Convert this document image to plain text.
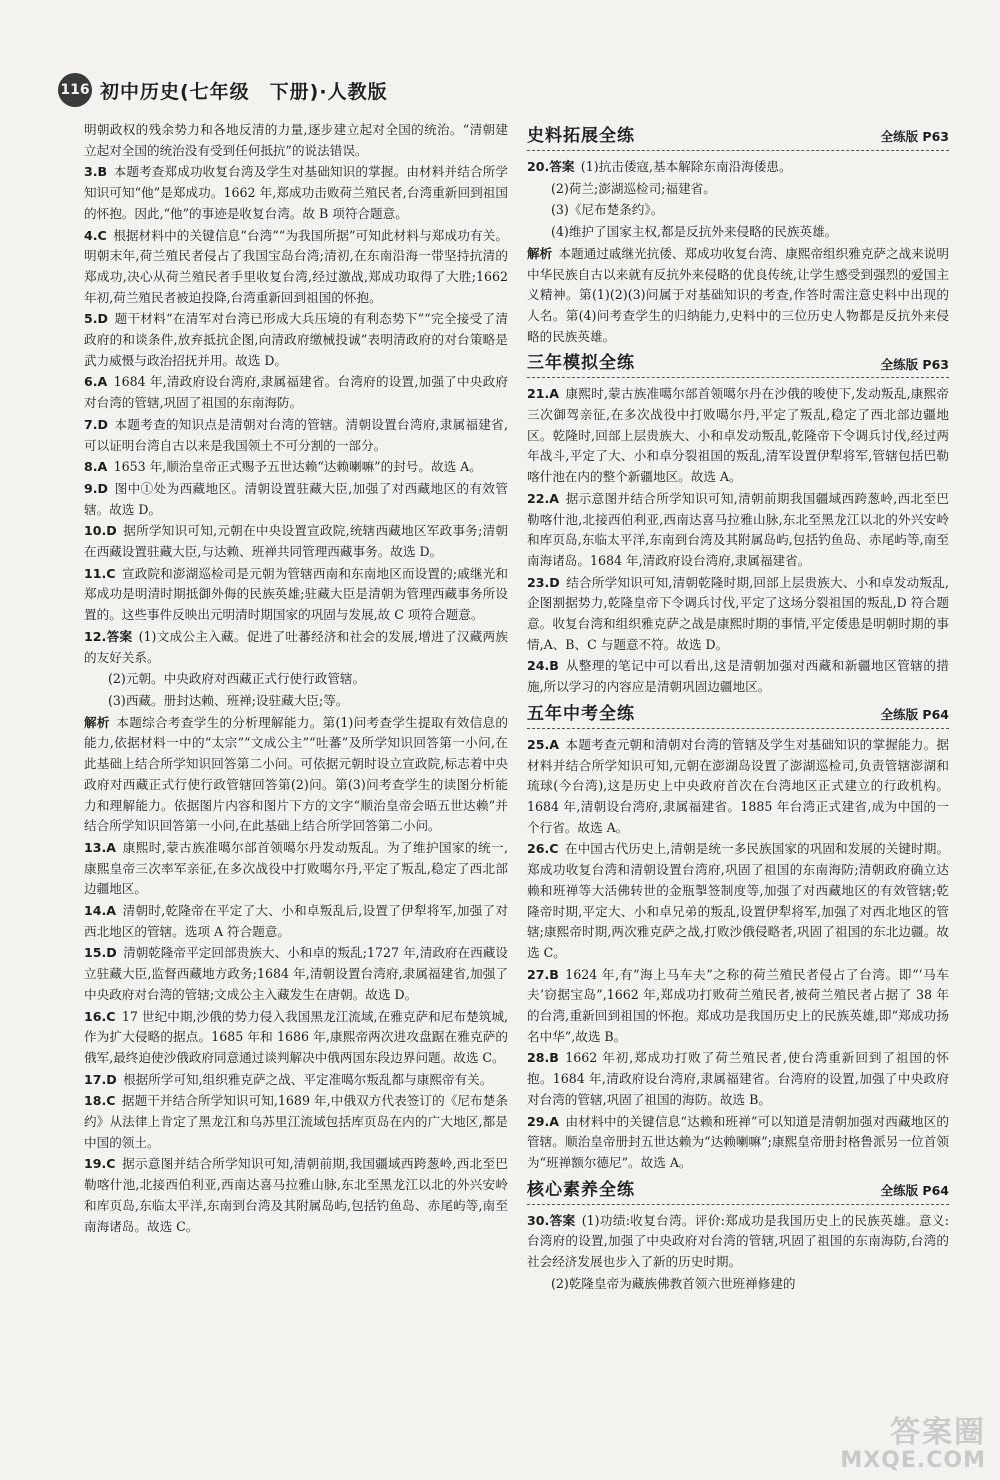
116 初中历史(七年级　下册)·人教版
明朝政权的残余势力和各地反清的力量,逐步建立起对全国的统治。“清朝建立起对全国的统治没有受到任何抵抗”的说法错误。
3.B  本题考查郑成功收复台湾及学生对基础知识的掌握。由材料并结合所学知识可知“他”是郑成功。1662 年,郑成功击败荷兰殖民者,台湾重新回到祖国的怀抱。因此,“他”的事迹是收复台湾。故 B 项符合题意。
4.C  根据材料中的关键信息“台湾”“为我国所据”可知此材料与郑成功有关。明朝末年,荷兰殖民者侵占了我国宝岛台湾;清初,在东南沿海一带坚持抗清的郑成功,决心从荷兰殖民者手里收复台湾,经过激战,郑成功取得了大胜;1662 年初,荷兰殖民者被迫投降,台湾重新回到祖国的怀抱。
5.D  题干材料“在清军对台湾已形成大兵压境的有利态势下”“完全接受了清政府的和谈条件,放弃抵抗企图,向清政府缴械投诚”表明清政府的对台策略是武力威慑与政治招抚并用。故选 D。
6.A  1684 年,清政府设台湾府,隶属福建省。台湾府的设置,加强了中央政府对台湾的管辖,巩固了祖国的东南海防。
7.D  本题考查的知识点是清朝对台湾的管辖。清朝设置台湾府,隶属福建省,可以证明台湾自古以来是我国领土不可分割的一部分。
8.A  1653 年,顺治皇帝正式赐予五世达赖“达赖喇嘛”的封号。故选 A。
9.D  图中①处为西藏地区。清朝设置驻藏大臣,加强了对西藏地区的有效管辖。故选 D。
10.D  据所学知识可知,元朝在中央设置宣政院,统辖西藏地区军政事务;清朝在西藏设置驻藏大臣,与达赖、班禅共同管理西藏事务。故选 D。
11.C  宣政院和澎湖巡检司是元朝为管辖西南和东南地区而设置的;戚继光和郑成功是明清时期抵御外侮的民族英雄;驻藏大臣是清朝为管理西藏事务所设置的。这些事件反映出元明清时期国家的巩固与发展,故 C 项符合题意。
12.答案  (1)文成公主入藏。促进了吐蕃经济和社会的发展,增进了汉藏两族的友好关系。
(2)元朝。中央政府对西藏正式行使行政管辖。
(3)西藏。册封达赖、班禅;设驻藏大臣;等。
解析  本题综合考查学生的分析理解能力。第(1)问考查学生提取有效信息的能力,依据材料一中的“太宗”“文成公主”“吐蕃”及所学知识回答第一小问,在此基础上结合所学知识回答第二小问。可依据元朝时设立宣政院,标志着中央政府对西藏正式行使行政管辖回答第(2)问。第(3)问考查学生的读图分析能力和理解能力。依据图片内容和图片下方的文字“顺治皇帝会晤五世达赖”并结合所学知识回答第一小问,在此基础上结合所学回答第二小问。
13.A  康熙时,蒙古族准噶尔部首领噶尔丹发动叛乱。为了维护国家的统一,康熙皇帝三次率军亲征,在多次战役中打败噶尔丹,平定了叛乱,稳定了西北部边疆地区。
14.A  清朝时,乾隆帝在平定了大、小和卓叛乱后,设置了伊犁将军,加强了对西北地区的管辖。选项 A 符合题意。
15.D  清朝乾隆帝平定回部贵族大、小和卓的叛乱;1727 年,清政府在西藏设立驻藏大臣,监督西藏地方政务;1684 年,清朝设置台湾府,隶属福建省,加强了中央政府对台湾的管辖;文成公主入藏发生在唐朝。故选 D。
16.C  17 世纪中期,沙俄的势力侵入我国黑龙江流域,在雅克萨和尼布楚筑城,作为扩大侵略的据点。1685 年和 1686 年,康熙帝两次进攻盘踞在雅克萨的俄军,最终迫使沙俄政府同意通过谈判解决中俄两国东段边界问题。故选 C。
17.D  根据所学可知,组织雅克萨之战、平定准噶尔叛乱都与康熙帝有关。
18.C  据题干并结合所学知识可知,1689 年,中俄双方代表签订的《尼布楚条约》从法律上肯定了黑龙江和乌苏里江流域包括库页岛在内的广大地区,都是中国的领土。
19.C  据示意图并结合所学知识可知,清朝前期,我国疆域西跨葱岭,西北至巴勒喀什池,北接西伯利亚,西南达喜马拉雅山脉,东北至黑龙江以北的外兴安岭和库页岛,东临太平洋,东南到台湾及其附属岛屿,包括钓鱼岛、赤尾屿等,南至南海诸岛。故选 C。
史料拓展全练	全练版 P63
20.答案  (1)抗击倭寇,基本解除东南沿海倭患。
(2)荷兰;澎湖巡检司;福建省。
(3)《尼布楚条约》。
(4)维护了国家主权,都是反抗外来侵略的民族英雄。
解析  本题通过戚继光抗倭、郑成功收复台湾、康熙帝组织雅克萨之战来说明中华民族自古以来就有反抗外来侵略的优良传统,让学生感受到强烈的爱国主义精神。第(1)(2)(3)问属于对基础知识的考查,作答时需注意史料中出现的人名。第(4)问考查学生的归纳能力,史料中的三位历史人物都是反抗外来侵略的民族英雄。
三年模拟全练	全练版 P63
21.A  康熙时,蒙古族准噶尔部首领噶尔丹在沙俄的唆使下,发动叛乱,康熙帝三次御驾亲征,在多次战役中打败噶尔丹,平定了叛乱,稳定了西北部边疆地区。乾隆时,回部上层贵族大、小和卓发动叛乱,乾隆帝下令调兵讨伐,经过两年战斗,平定了大、小和卓分裂祖国的叛乱,清军设置伊犁将军,管辖包括巴勒喀什池在内的整个新疆地区。故选 A。
22.A  据示意图并结合所学知识可知,清朝前期我国疆域西跨葱岭,西北至巴勒喀什池,北接西伯利亚,西南达喜马拉雅山脉,东北至黑龙江以北的外兴安岭和库页岛,东临太平洋,东南到台湾及其附属岛屿,包括钓鱼岛、赤尾屿等,南至南海诸岛。1684 年,清政府设台湾府,隶属福建省。
23.D  结合所学知识可知,清朝乾隆时期,回部上层贵族大、小和卓发动叛乱,企图割据势力,乾隆皇帝下令调兵讨伐,平定了这场分裂祖国的叛乱,D 符合题意。收复台湾和组织雅克萨之战是康熙时期的事情,平定倭患是明朝时期的事情,A、B、C 与题意不符。故选 D。
24.B  从整理的笔记中可以看出,这是清朝加强对西藏和新疆地区管辖的措施,所以学习的内容应是清朝巩固边疆地区。
五年中考全练	全练版 P64
25.A  本题考查元朝和清朝对台湾的管辖及学生对基础知识的掌握能力。据材料并结合所学知识可知,元朝在澎湖岛设置了澎湖巡检司,负责管辖澎湖和琉球(今台湾),这是历史上中央政府首次在台湾地区正式建立的行政机构。1684 年,清朝设台湾府,隶属福建省。1885 年台湾正式建省,成为中国的一个行省。故选 A。
26.C  在中国古代历史上,清朝是统一多民族国家的巩固和发展的关键时期。郑成功收复台湾和清朝设置台湾府,巩固了祖国的东南海防;清朝政府确立达赖和班禅等大活佛转世的金瓶掣签制度等,加强了对西藏地区的有效管辖;乾隆帝时期,平定大、小和卓兄弟的叛乱,设置伊犁将军,加强了对西北地区的管辖;康熙帝时期,两次雅克萨之战,打败沙俄侵略者,巩固了祖国的东北边疆。故选 C。
27.B  1624 年,有“海上马车夫”之称的荷兰殖民者侵占了台湾。即“‘马车夫’窃据宝岛”,1662 年,郑成功打败荷兰殖民者,被荷兰殖民者占据了 38 年的台湾,重新回到祖国的怀抱。郑成功是我国历史上的民族英雄,即“郑成功扬名中华”,故选 B。
28.B  1662 年初,郑成功打败了荷兰殖民者,使台湾重新回到了祖国的怀抱。1684 年,清政府设台湾府,隶属福建省。台湾府的设置,加强了中央政府对台湾的管辖,巩固了祖国的海防。故选 B。
29.A  由材料中的关键信息“达赖和班禅”可以知道是清朝加强对西藏地区的管辖。顺治皇帝册封五世达赖为“达赖喇嘛”;康熙皇帝册封格鲁派另一位首领为“班禅额尔德尼”。故选 A。
核心素养全练	全练版 P64
30.答案  (1)功绩:收复台湾。评价:郑成功是我国历史上的民族英雄。意义:台湾府的设置,加强了中央政府对台湾的管辖,巩固了祖国的东南海防,台湾的社会经济发展也步入了新的历史时期。
(2)乾隆皇帝为藏族佛教首领六世班禅修建的
答案圈
MXQE.COM
